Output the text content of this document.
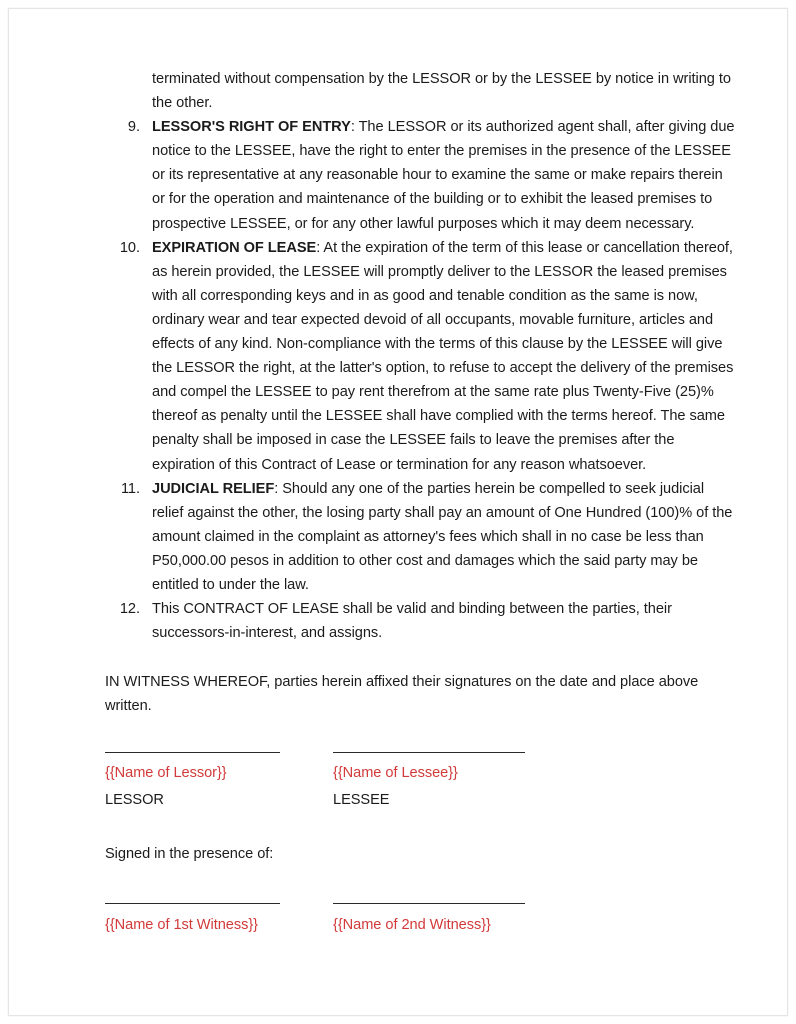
terminated without compensation by the LESSOR or by the LESSEE by notice in writing to the other.

9. LESSOR'S RIGHT OF ENTRY: The LESSOR or its authorized agent shall, after giving due notice to the LESSEE, have the right to enter the premises in the presence of the LESSEE or its representative at any reasonable hour to examine the same or make repairs therein or for the operation and maintenance of the building or to exhibit the leased premises to prospective LESSEE, or for any other lawful purposes which it may deem necessary.
10. EXPIRATION OF LEASE: At the expiration of the term of this lease or cancellation thereof, as herein provided, the LESSEE will promptly deliver to the LESSOR the leased premises with all corresponding keys and in as good and tenable condition as the same is now, ordinary wear and tear expected devoid of all occupants, movable furniture, articles and effects of any kind. Non-compliance with the terms of this clause by the LESSEE will give the LESSOR the right, at the latter's option, to refuse to accept the delivery of the premises and compel the LESSEE to pay rent therefrom at the same rate plus Twenty-Five (25)% thereof as penalty until the LESSEE shall have complied with the terms hereof. The same penalty shall be imposed in case the LESSEE fails to leave the premises after the expiration of this Contract of Lease or termination for any reason whatsoever.
11. JUDICIAL RELIEF: Should any one of the parties herein be compelled to seek judicial relief against the other, the losing party shall pay an amount of One Hundred (100)% of the amount claimed in the complaint as attorney's fees which shall in no case be less than P50,000.00 pesos in addition to other cost and damages which the said party may be entitled to under the law.
12. This CONTRACT OF LEASE shall be valid and binding between the parties, their successors-in-interest, and assigns.

IN WITNESS WHEREOF, parties herein affixed their signatures on the date and place above written.

{{Name of Lessor}}
LESSOR
{{Name of Lessee}}
LESSEE

Signed in the presence of:

{{Name of 1st Witness}}	{{Name of 2nd Witness}}
